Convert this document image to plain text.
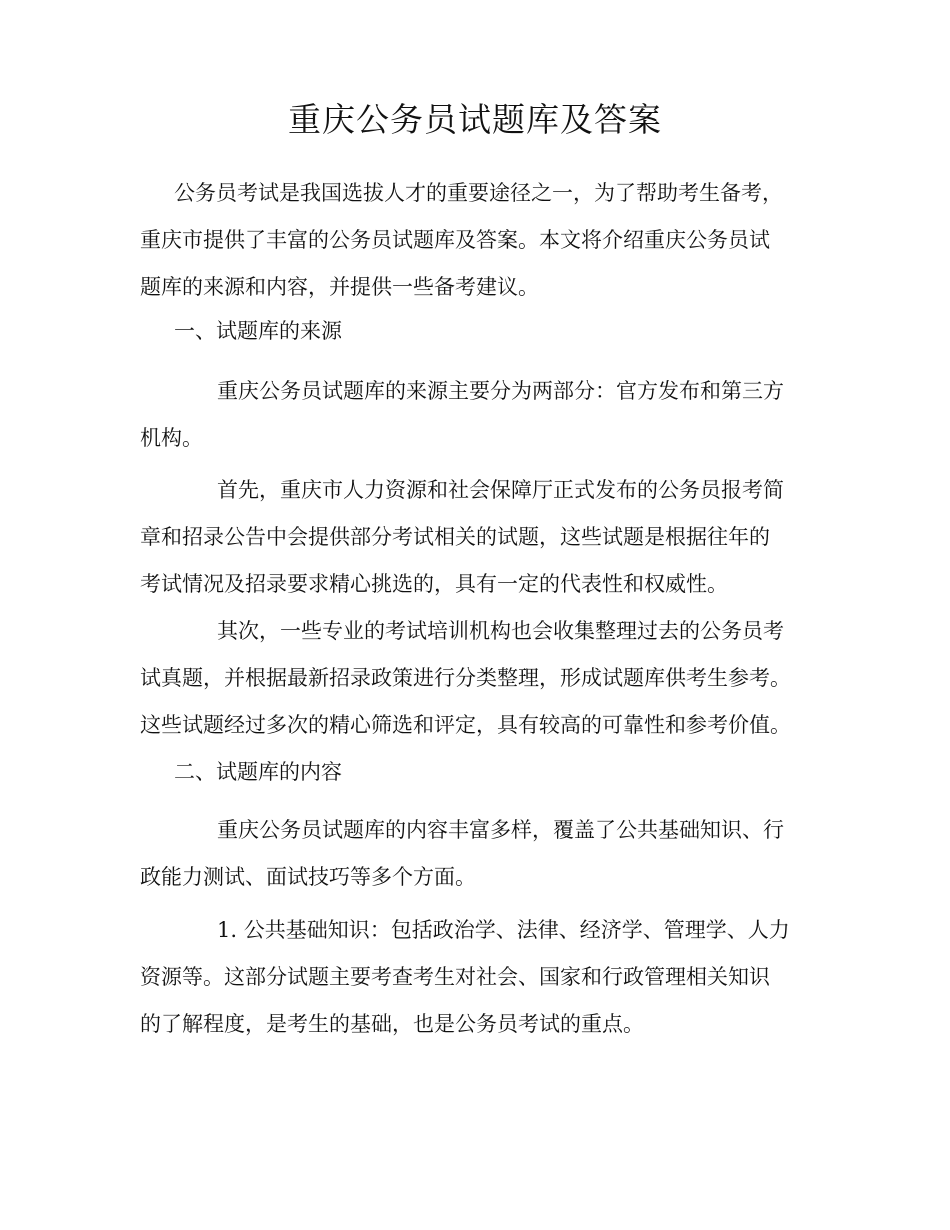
重庆公务员试题库及答案

公务员考试是我国选拔人才的重要途径之一，为了帮助考生备考，
重庆市提供了丰富的公务员试题库及答案。本文将介绍重庆公务员试
题库的来源和内容，并提供一些备考建议。

一、试题库的来源

重庆公务员试题库的来源主要分为两部分：官方发布和第三方
机构。

首先，重庆市人力资源和社会保障厅正式发布的公务员报考简
章和招录公告中会提供部分考试相关的试题，这些试题是根据往年的
考试情况及招录要求精心挑选的，具有一定的代表性和权威性。

其次，一些专业的考试培训机构也会收集整理过去的公务员考
试真题，并根据最新招录政策进行分类整理，形成试题库供考生参考。
这些试题经过多次的精心筛选和评定，具有较高的可靠性和参考价值。

二、试题库的内容

重庆公务员试题库的内容丰富多样，覆盖了公共基础知识、行
政能力测试、面试技巧等多个方面。

1. 公共基础知识：包括政治学、法律、经济学、管理学、人力
资源等。这部分试题主要考查考生对社会、国家和行政管理相关知识
的了解程度，是考生的基础，也是公务员考试的重点。
